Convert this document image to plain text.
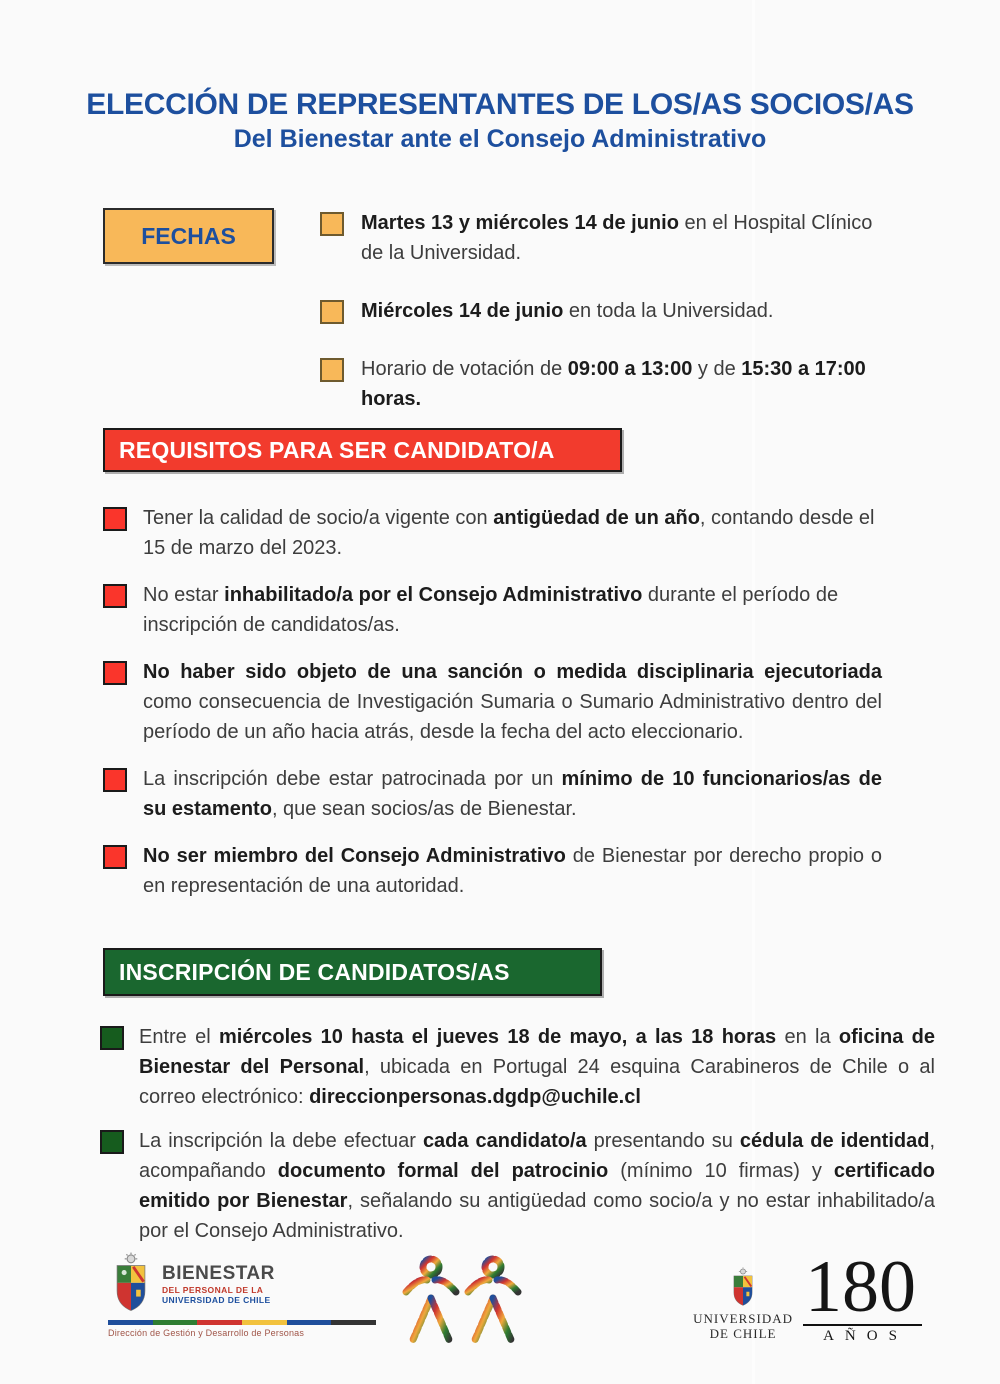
ELECCIÓN DE REPRESENTANTES DE LOS/AS SOCIOS/AS
Del Bienestar ante el Consejo Administrativo
FECHAS	Martes 13 y miércoles 14 de junio en el Hospital Clínico de la Universidad.

Miércoles 14 de junio en toda la Universidad.

Horario de votación de 09:00 a 13:00 y de 15:30 a 17:00 horas.

REQUISITOS PARA SER CANDIDATO/A

Tener la calidad de socio/a vigente con antigüedad de un año, contando desde el 15 de marzo del 2023.

No estar inhabilitado/a por el Consejo Administrativo durante el período de inscripción de candidatos/as.

No haber sido objeto de una sanción o medida disciplinaria ejecutoriada como consecuencia de Investigación Sumaria o Sumario Administrativo dentro del período de un año hacia atrás, desde la fecha del acto eleccionario.

La inscripción debe estar patrocinada por un mínimo de 10 funcionarios/as de su estamento, que sean socios/as de Bienestar.

No ser miembro del Consejo Administrativo de Bienestar por derecho propio o en representación de una autoridad.

INSCRIPCIÓN DE CANDIDATOS/AS

Entre el miércoles 10 hasta el jueves 18 de mayo, a las 18 horas en la oficina de Bienestar del Personal, ubicada en Portugal 24 esquina Carabineros de Chile o al correo electrónico: direccionpersonas.dgdp@uchile.cl

La inscripción la debe efectuar cada candidato/a presentando su cédula de identidad, acompañando documento formal del patrocinio (mínimo 10 firmas) y certificado emitido por Bienestar, señalando su antigüedad como socio/a y no estar inhabilitado/a por el Consejo Administrativo.

BIENESTAR
DEL PERSONAL DE LA
UNIVERSIDAD DE CHILE
Dirección de Gestión y Desarrollo de Personas
UNIVERSIDAD
DE CHILE
180
AÑOS
